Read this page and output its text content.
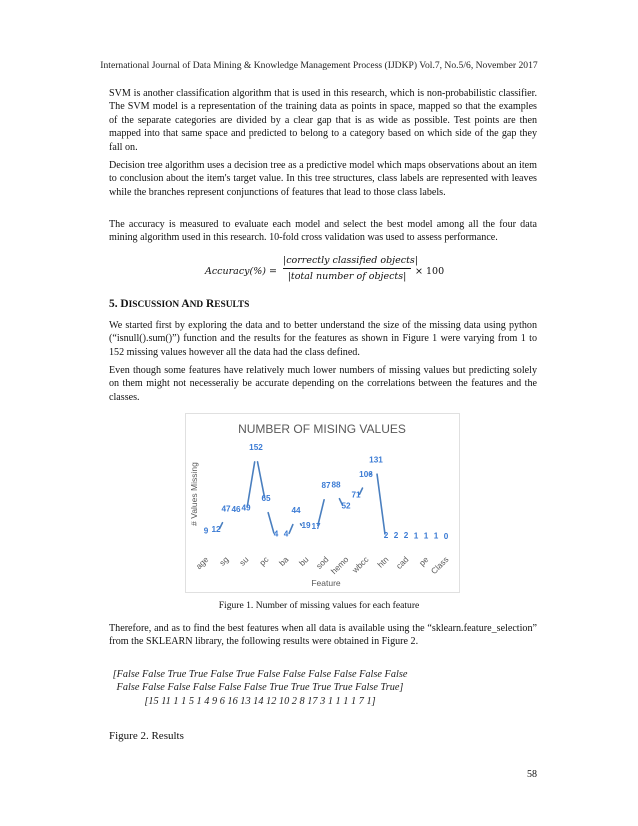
International Journal of Data Mining & Knowledge Management Process (IJDKP) Vol.7, No.5/6, November 2017

SVM is another classification algorithm that is used in this research, which is non-probabilistic classifier. The SVM model is a representation of the training data as points in space, mapped so that the examples of the separate categories are divided by a clear gap that is as wide as possible. Test points are then mapped into that same space and predicted to belong to a category based on which side of the gap they fall on.

Decision tree algorithm uses a decision tree as a predictive model which maps observations about an item to conclusion about the item's target value. In this tree structures, class labels are represented with leaves while the branches represent conjunctions of features that lead to those class labels.

The accuracy is measured to evaluate each model and select the best model among all the four data mining algorithm used in this research. 10-fold cross validation was used to assess performance.

Accuracy(%) =
|correctly classified objects|
|total number of objects| × 100
5. DISCUSSION AND RESULTS

We started first by exploring the data and to better understand the size of the missing data using python (“isnull().sum()”) function and the results for the features as shown in Figure 1 were varying from 1 to 152 missing values however all the data had the class defined.

Even though some features have relatively much lower numbers of missing values but predicting solely on them might not necesseraliy be accurate depending on the correlations between the features and the classes.

NUMBER OF MISING VALUES
# Values Missing
9 12
47 46 49
152
65
4 4
44
19 17
87 88
52
71
106
131
2 2 2 1 1 1 0
age sg su pc ba bu sod
hemo wbcc htn cad pe
Class
Feature
Figure 1. Number of missing values for each feature

Therefore, and as to find the best features when all data is available using the “sklearn.feature_selection” from the SKLEARN library, the following results were obtained in Figure 2.

[False False True True False True False False False False False False
False False False False False False True True True True False True]
[15 11 1 1 5 1 4 9 6 16 13 14 12 10 2 8 17 3 1 1 1 1 7 1]

Figure 2. Results

58
